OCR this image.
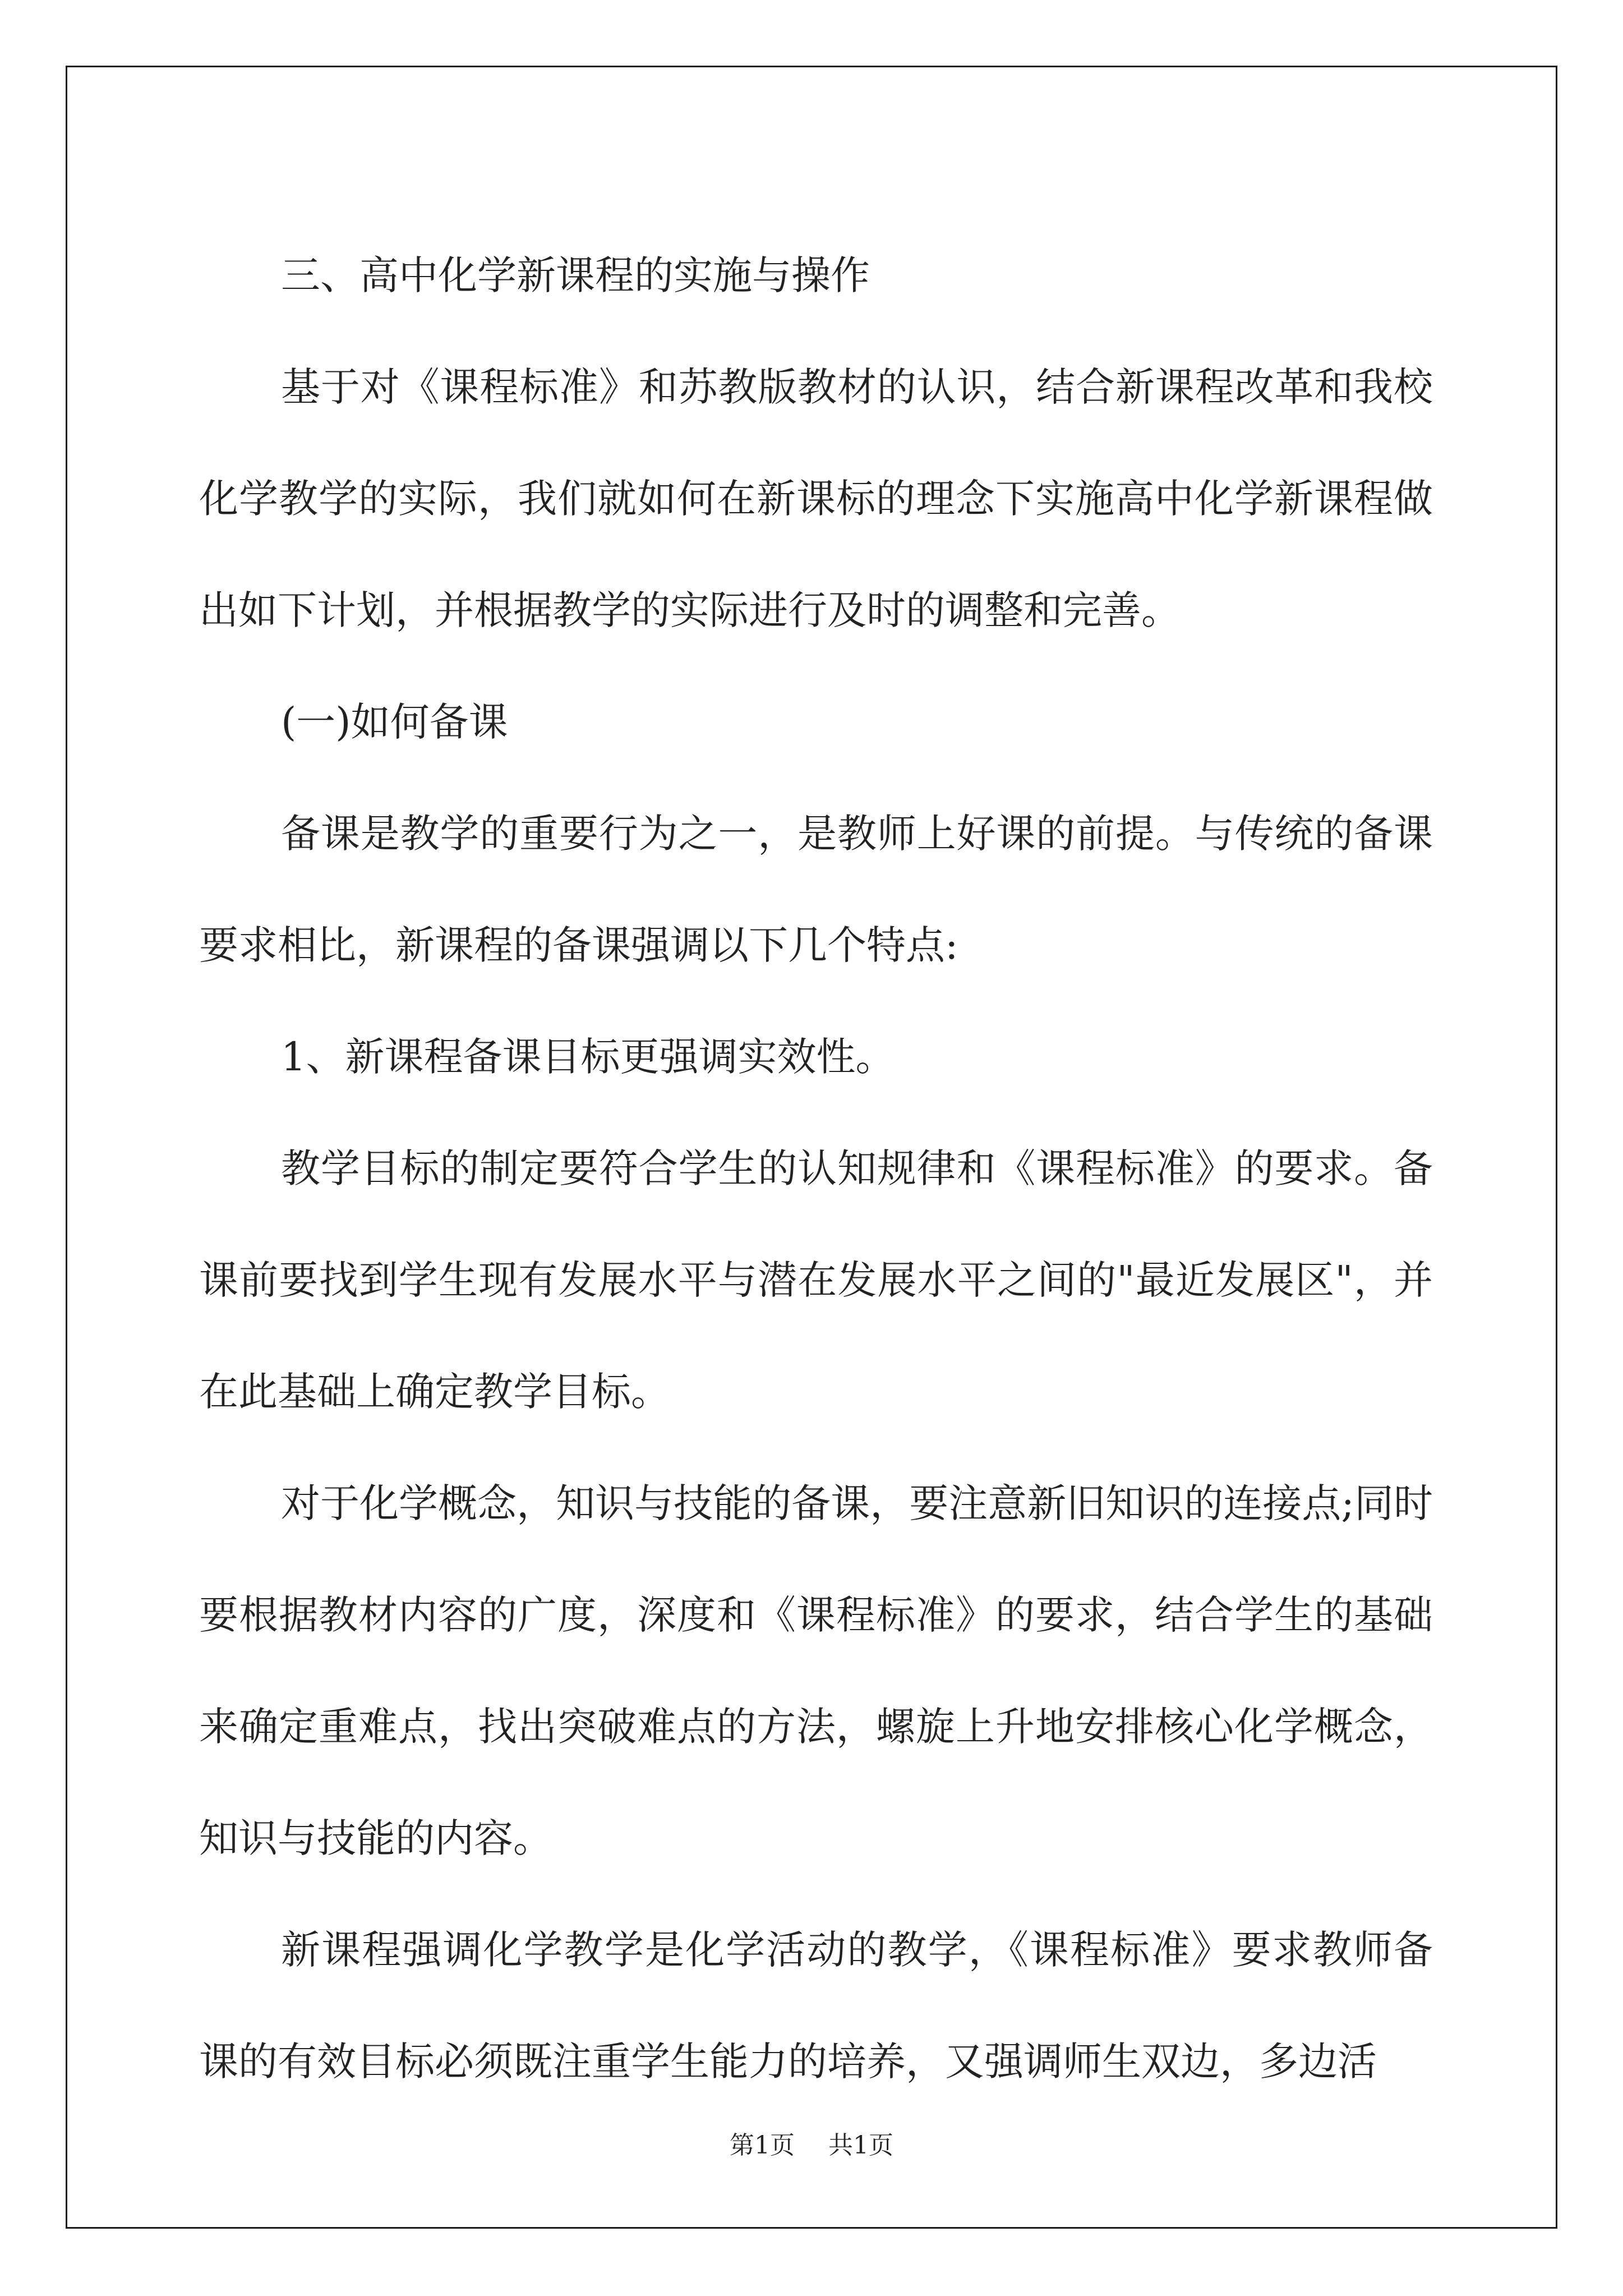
三、高中化学新课程的实施与操作

基于对《课程标准》和苏教版教材的认识，结合新课程改革和我校化学教学的实际，我们就如何在新课标的理念下实施高中化学新课程做出如下计划，并根据教学的实际进行及时的调整和完善。

(一)如何备课

备课是教学的重要行为之一，是教师上好课的前提。与传统的备课要求相比，新课程的备课强调以下几个特点:

1、新课程备课目标更强调实效性。

教学目标的制定要符合学生的认知规律和《课程标准》的要求。备课前要找到学生现有发展水平与潜在发展水平之间的"最近发展区"，并在此基础上确定教学目标。

对于化学概念，知识与技能的备课，要注意新旧知识的连接点;同时要根据教材内容的广度，深度和《课程标准》的要求，结合学生的基础来确定重难点，找出突破难点的方法，螺旋上升地安排核心化学概念，知识与技能的内容。

新课程强调化学教学是化学活动的教学，《课程标准》要求教师备课的有效目标必须既注重学生能力的培养，又强调师生双边，多边活

第1页 共1页
